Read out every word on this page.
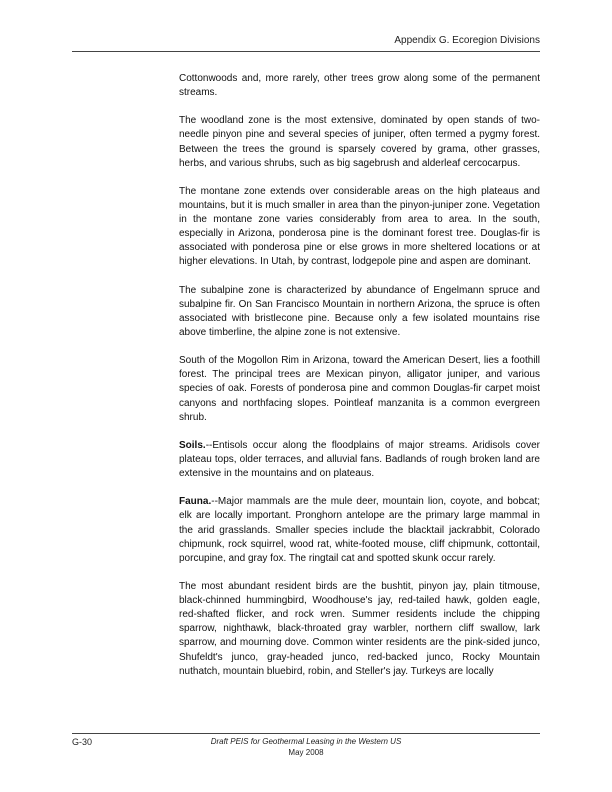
Appendix G. Ecoregion Divisions

Cottonwoods and, more rarely, other trees grow along some of the permanent streams.

The woodland zone is the most extensive, dominated by open stands of two-needle pinyon pine and several species of juniper, often termed a pygmy forest. Between the trees the ground is sparsely covered by grama, other grasses, herbs, and various shrubs, such as big sagebrush and alderleaf cercocarpus.

The montane zone extends over considerable areas on the high plateaus and mountains, but it is much smaller in area than the pinyon-juniper zone. Vegetation in the montane zone varies considerably from area to area. In the south, especially in Arizona, ponderosa pine is the dominant forest tree. Douglas-fir is associated with ponderosa pine or else grows in more sheltered locations or at higher elevations. In Utah, by contrast, lodgepole pine and aspen are dominant.

The subalpine zone is characterized by abundance of Engelmann spruce and subalpine fir. On San Francisco Mountain in northern Arizona, the spruce is often associated with bristlecone pine. Because only a few isolated mountains rise above timberline, the alpine zone is not extensive.

South of the Mogollon Rim in Arizona, toward the American Desert, lies a foothill forest. The principal trees are Mexican pinyon, alligator juniper, and various species of oak. Forests of ponderosa pine and common Douglas-fir carpet moist canyons and northfacing slopes. Pointleaf manzanita is a common evergreen shrub.

Soils.--Entisols occur along the floodplains of major streams. Aridisols cover plateau tops, older terraces, and alluvial fans. Badlands of rough broken land are extensive in the mountains and on plateaus.

Fauna.--Major mammals are the mule deer, mountain lion, coyote, and bobcat; elk are locally important. Pronghorn antelope are the primary large mammal in the arid grasslands. Smaller species include the blacktail jackrabbit, Colorado chipmunk, rock squirrel, wood rat, white-footed mouse, cliff chipmunk, cottontail, porcupine, and gray fox. The ringtail cat and spotted skunk occur rarely.

The most abundant resident birds are the bushtit, pinyon jay, plain titmouse, black-chinned hummingbird, Woodhouse's jay, red-tailed hawk, golden eagle, red-shafted flicker, and rock wren. Summer residents include the chipping sparrow, nighthawk, black-throated gray warbler, northern cliff swallow, lark sparrow, and mourning dove. Common winter residents are the pink-sided junco, Shufeldt's junco, gray-headed junco, red-backed junco, Rocky Mountain nuthatch, mountain bluebird, robin, and Steller's jay. Turkeys are locally

G-30	Draft PEIS for Geothermal Leasing in the Western US
May 2008
